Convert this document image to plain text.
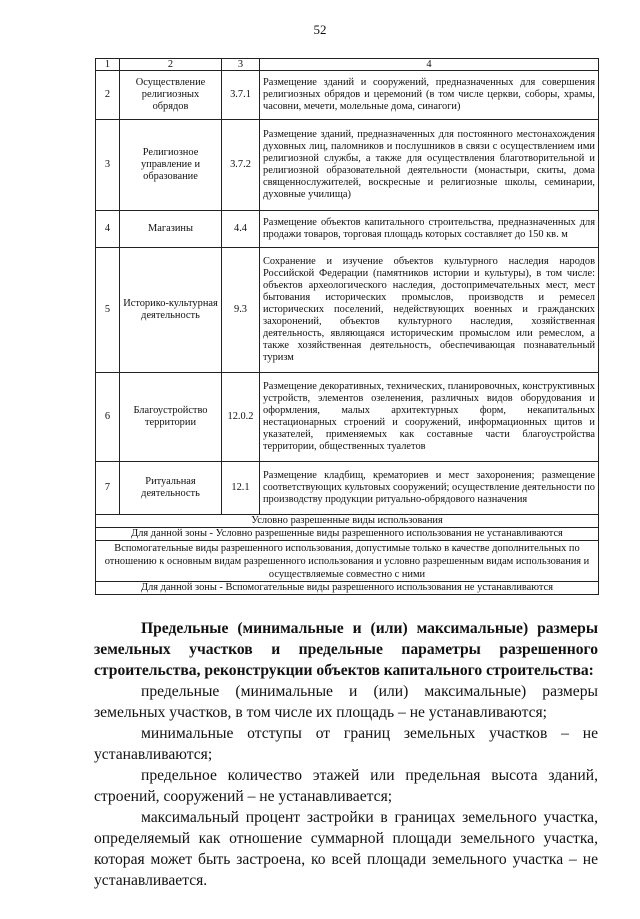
52
1	2	3	4
2	Осуществление религиозных обрядов	3.7.1	Размещение зданий и сооружений, предназначенных для совершения религиозных обрядов и церемоний (в том числе церкви, соборы, храмы, часовни, мечети, молельные дома, синагоги)
3	Религиозное управление и образование	3.7.2	Размещение зданий, предназначенных для постоянного местонахождения духовных лиц, паломников и послушников в связи с осуществлением ими религиозной службы, а также для осуществления благотворительной и религиозной образовательной деятельности (монастыри, скиты, дома священнослужителей, воскресные и религиозные школы, семинарии, духовные училища)
4	Магазины	4.4	Размещение объектов капитального строительства, предназначенных для продажи товаров, торговая площадь которых составляет до 150 кв. м
5	Историко-культурная деятельность	9.3	Сохранение и изучение объектов культурного наследия народов Российской Федерации (памятников истории и культуры), в том числе: объектов археологического наследия, достопримечательных мест, мест бытования исторических промыслов, производств и ремесел исторических поселений, недействующих военных и гражданских захоронений, объектов культурного наследия, хозяйственная деятельность, являющаяся историческим промыслом или ремеслом, а также хозяйственная деятельность, обеспечивающая познавательный туризм
6	Благоустройство территории	12.0.2	Размещение декоративных, технических, планировочных, конструктивных устройств, элементов озеленения, различных видов оборудования и оформления, малых архитектурных форм, некапитальных нестационарных строений и сооружений, информационных щитов и указателей, применяемых как составные части благоустройства территории, общественных туалетов
7	Ритуальная деятельность	12.1	Размещение кладбищ, крематориев и мест захоронения; размещение соответствующих культовых сооружений; осуществление деятельности по производству продукции ритуально-обрядового назначения
Условно разрешенные виды использования			
Для данной зоны - Условно разрешенные виды разрешенного использования не устанавливаются			
Вспомогательные виды разрешенного использования, допустимые только в качестве дополнительных по отношению к основным видам разрешенного использования и условно разрешенным видам использования и осуществляемые совместно с ними			
Для данной зоны - Вспомогательные виды разрешенного использования не устанавливаются			

Предельные (минимальные и (или) максимальные) размеры земельных участков и предельные параметры разрешенного строительства, реконструкции объектов капитального строительства:

предельные (минимальные и (или) максимальные) размеры земельных участков, в том числе их площадь – не устанавливаются;

минимальные отступы от границ земельных участков – не устанавливаются;

предельное количество этажей или предельная высота зданий, строений, сооружений – не устанавливается;

максимальный процент застройки в границах земельного участка, определяемый как отношение суммарной площади земельного участка, которая может быть застроена, ко всей площади земельного участка – не устанавливается.
